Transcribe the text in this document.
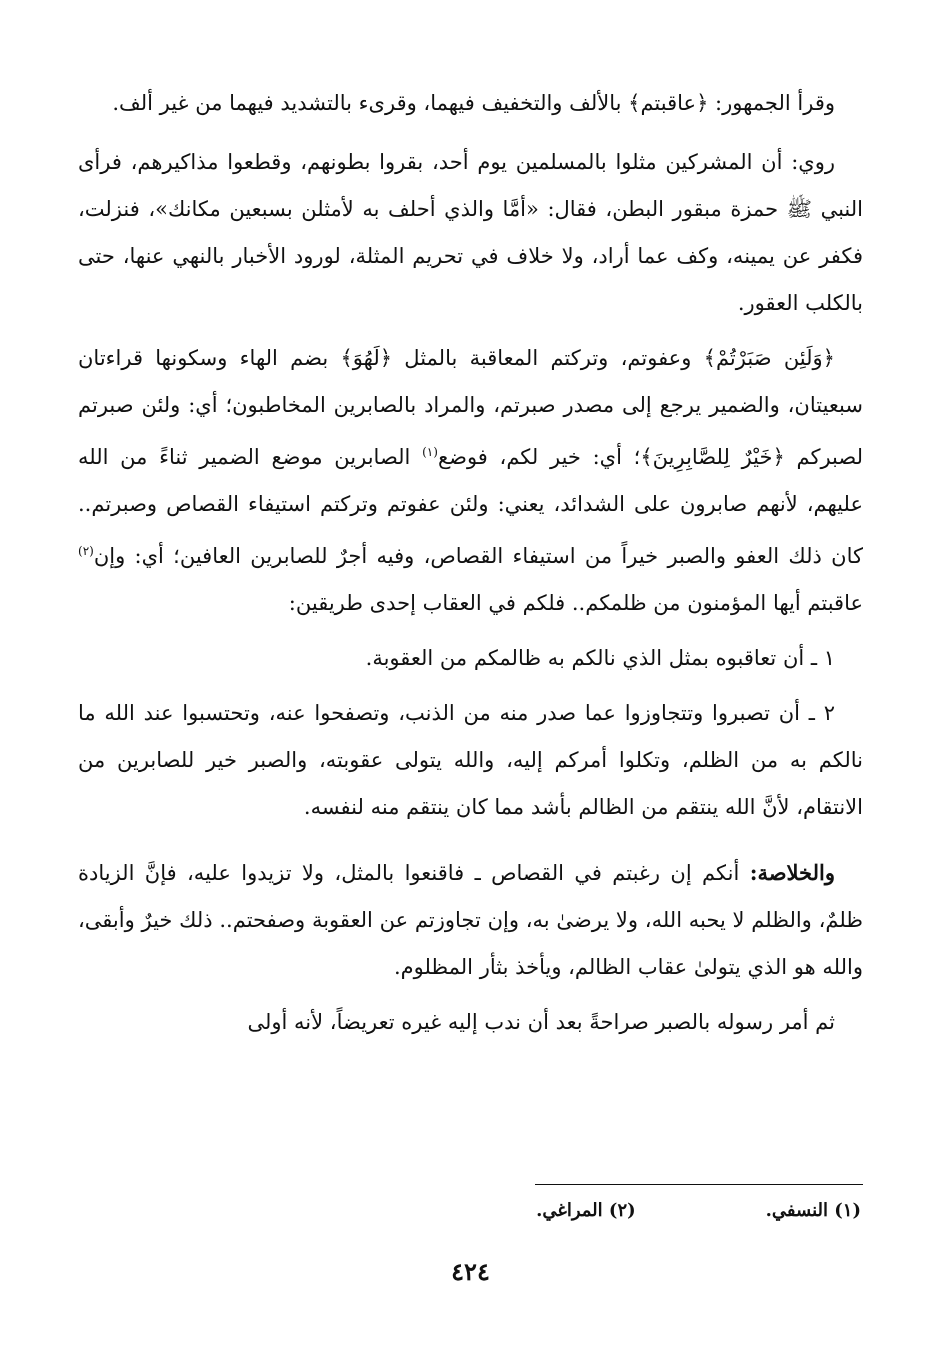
وقرأ الجمهور: ﴿عاقبتم﴾ بالألف والتخفيف فيهما، وقرىء بالتشديد فيهما من غير ألف.

روي: أن المشركين مثلوا بالمسلمين يوم أحد، بقروا بطونهم، وقطعوا مذاكيرهم، فرأى النبي ﷺ حمزة مبقور البطن، فقال: «أمَّا والذي أحلف به لأمثلن بسبعين مكانك»، فنزلت، فكفر عن يمينه، وكف عما أراد، ولا خلاف في تحريم المثلة، لورود الأخبار بالنهي عنها، حتى بالكلب العقور.

﴿وَلَئِن صَبَرْتُمْ﴾ وعفوتم، وتركتم المعاقبة بالمثل ﴿لَهُوَ﴾ بضم الهاء وسكونها قراءتان سبعيتان، والضمير يرجع إلى مصدر صبرتم، والمراد بالصابرين المخاطبون؛ أي: ولئن صبرتم لصبركم ﴿خَيْرٌ لِلصَّابِرِينَ﴾؛ أي: خير لكم، فوضع$^{(١)}$ الصابرين موضع الضمير ثناءً من الله عليهم، لأنهم صابرون على الشدائد، يعني: ولئن عفوتم وتركتم استيفاء القصاص وصبرتم.. كان ذلك العفو والصبر خيراً من استيفاء القصاص، وفيه أجرٌ للصابرين العافين؛ أي: وإن$^{(٢)}$ عاقبتم أيها المؤمنون من ظلمكم.. فلكم في العقاب إحدى طريقين:

١ ـ أن تعاقبوه بمثل الذي نالكم به ظالمكم من العقوبة.

٢ ـ أن تصبروا وتتجاوزوا عما صدر منه من الذنب، وتصفحوا عنه، وتحتسبوا عند الله ما نالكم به من الظلم، وتكلوا أمركم إليه، والله يتولى عقوبته، والصبر خير للصابرين من الانتقام، لأنَّ الله ينتقم من الظالم بأشد مما كان ينتقم منه لنفسه.

والخلاصة: أنكم إن رغبتم في القصاص ـ فاقنعوا بالمثل، ولا تزيدوا عليه، فإنَّ الزيادة ظلمٌ، والظلم لا يحبه الله، ولا يرضىٰ به، وإن تجاوزتم عن العقوبة وصفحتم.. ذلك خيرٌ وأبقى، والله هو الذي يتولىٰ عقاب الظالم، ويأخذ بثأر المظلوم.

ثم أمر رسوله بالصبر صراحةً بعد أن ندب إليه غيره تعريضاً، لأنه أولى

(١) النسفي.
(٢) المراغي.
٤٢٤
